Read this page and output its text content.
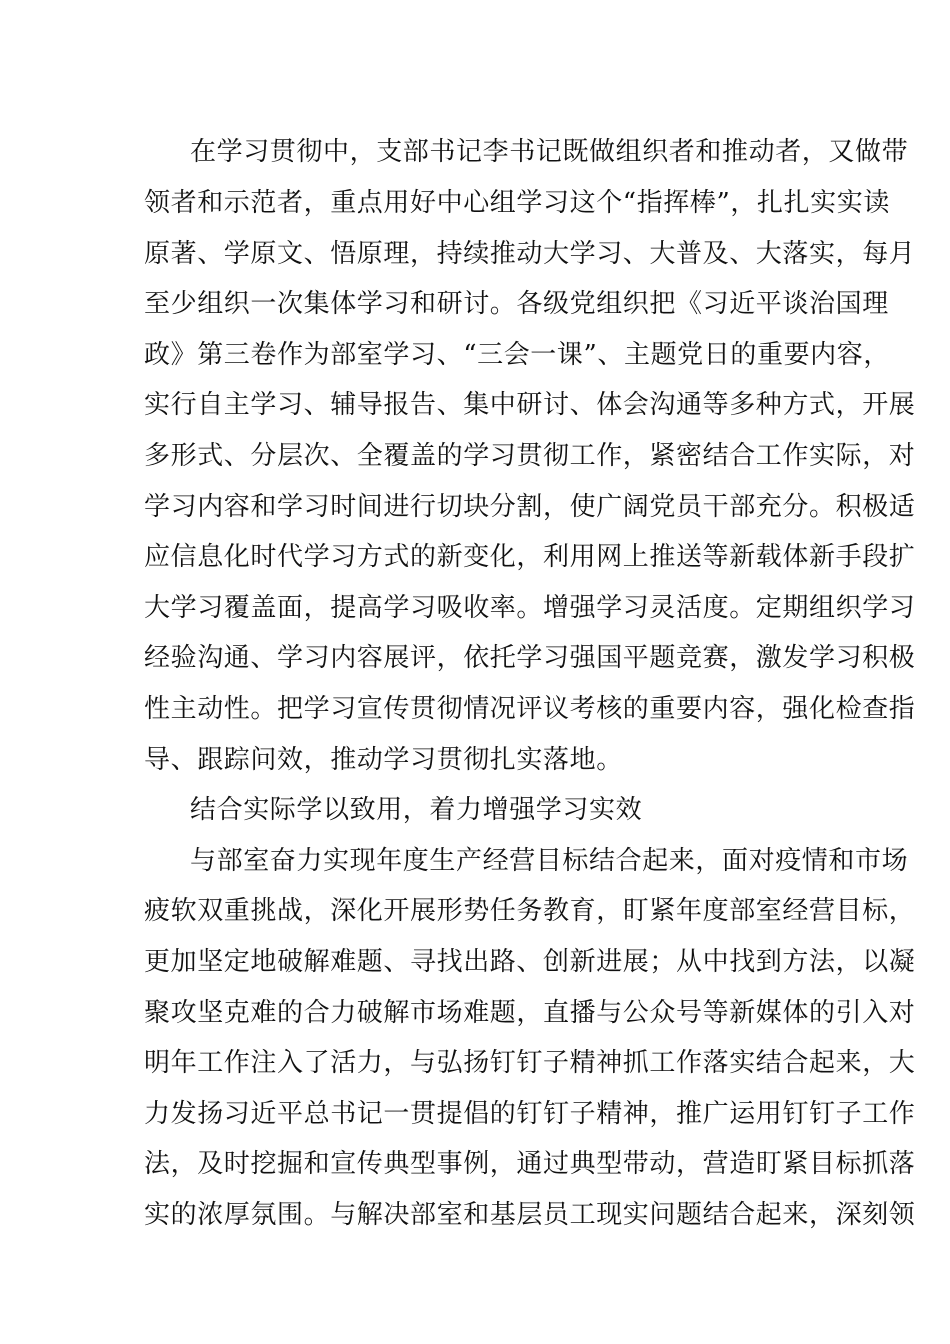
在学习贯彻中，支部书记李书记既做组织者和推动者，又做带
领者和示范者，重点用好中心组学习这个“指挥棒”，扎扎实实读
原著、学原文、悟原理，持续推动大学习、大普及、大落实，每月
至少组织一次集体学习和研讨。各级党组织把《习近平谈治国理
政》第三卷作为部室学习、“三会一课”、主题党日的重要内容，
实行自主学习、辅导报告、集中研讨、体会沟通等多种方式，开展
多形式、分层次、全覆盖的学习贯彻工作，紧密结合工作实际，对
学习内容和学习时间进行切块分割，使广阔党员干部充分。积极适
应信息化时代学习方式的新变化，利用网上推送等新载体新手段扩
大学习覆盖面，提高学习吸收率。增强学习灵活度。定期组织学习
经验沟通、学习内容展评，依托学习强国平题竞赛，激发学习积极
性主动性。把学习宣传贯彻情况评议考核的重要内容，强化检查指
导、跟踪问效，推动学习贯彻扎实落地。
结合实际学以致用，着力增强学习实效
与部室奋力实现年度生产经营目标结合起来，面对疫情和市场
疲软双重挑战，深化开展形势任务教育，盯紧年度部室经营目标，
更加坚定地破解难题、寻找出路、创新进展；从中找到方法，以凝
聚攻坚克难的合力破解市场难题，直播与公众号等新媒体的引入对
明年工作注入了活力，与弘扬钉钉子精神抓工作落实结合起来，大
力发扬习近平总书记一贯提倡的钉钉子精神，推广运用钉钉子工作
法，及时挖掘和宣传典型事例，通过典型带动，营造盯紧目标抓落
实的浓厚氛围。与解决部室和基层员工现实问题结合起来，深刻领
